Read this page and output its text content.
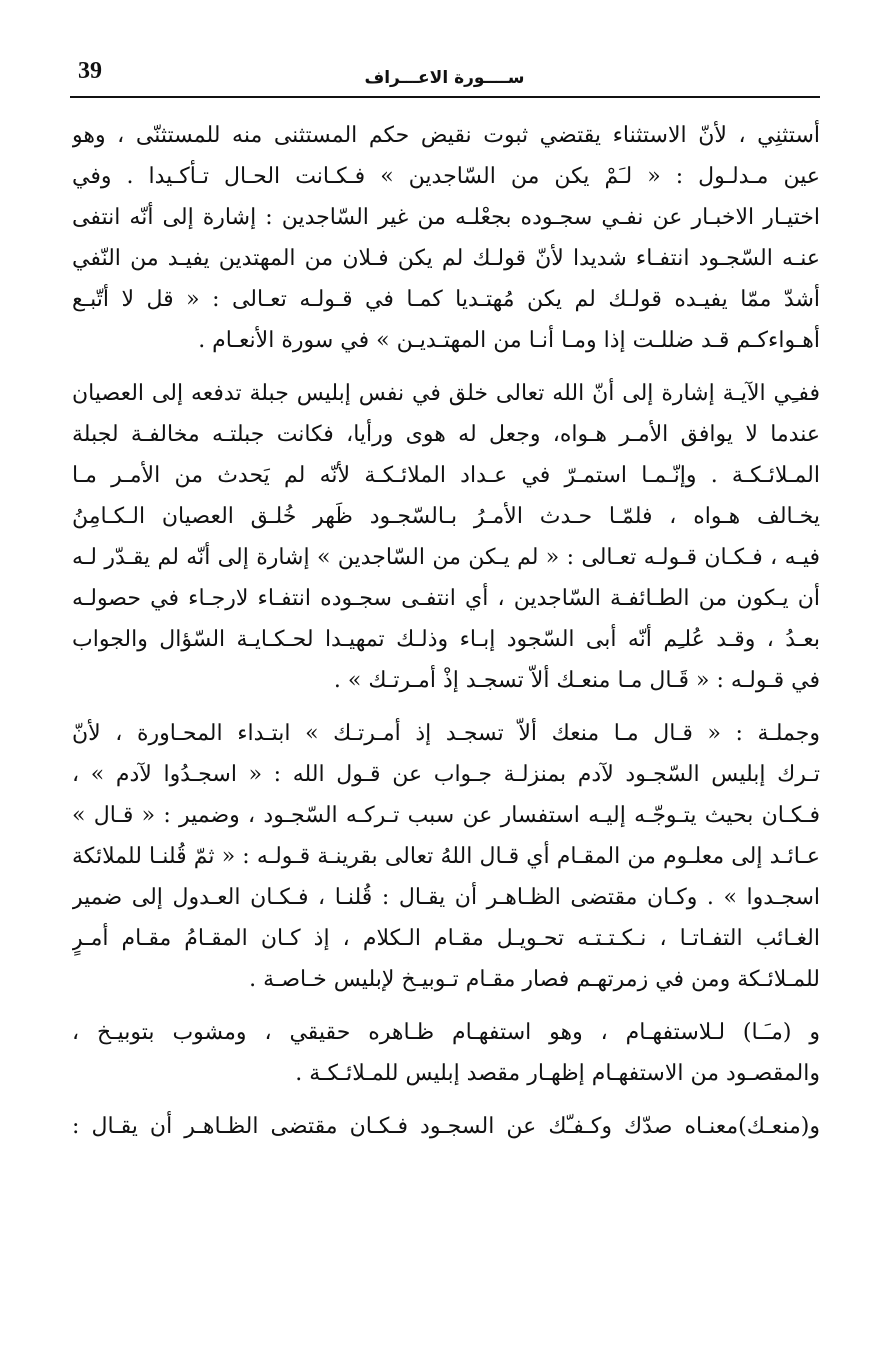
39	ســــورة الاعـــراف
أستثنِي ، لأنّ الاستثناء يقتضي ثبوت نقيض حكم المستثنى منه للمستثنّى ، وهو
عين مـدلـول : « لـَمْ يكن من السّاجدين » فـكـانت الحـال تـأكـيدا . وفي
اختيـار الاخبـار عن نفـي سجـوده بجعْلـه من غير السّاجدين : إشارة إلى أنّه انتفى
عنـه السّجـود انتفـاء شديدا لأنّ قولـك لم يكن فـلان من المهتدين يفيـد من النّفي
أشدّ ممّا يفيـده قولـك لم يكن مُهتـديا كمـا في قـولـه تعـالى : « قل لا أتّبـع
أهـواءكـم قـد ضللـت إذا ومـا أنـا من المهتـديـن » في سورة الأنعـام .
ففـِي الآيـة إشارة إلى أنّ الله تعالى خلق في نفس إبليس جبلة تدفعه إلى العصيان
عندما لا يوافق الأمـر هـواه، وجعل له هوى ورأيا، فكانت جبلتـه مخالفـة لجبلة
المـلائـكـة . وإنّـمـا استمـرّ في عـداد الملائـكـة لأنّه لم يَحدث من الأمـر مـا
يخـالف هـواه ، فلمّـا حـدث الأمـرُ بـالسّجـود ظَهر خُلـق العصيان الـكـامِنُ
فيـه ، فـكـان قـولـه تعـالى : « لم يـكن من السّاجدين » إشارة إلى أنّه لم يقـدّر لـه
أن يـكون من الطـائفـة السّاجدين ، أي انتفـى سجـوده انتفـاء لارجـاء في حصولـه
بعـدُ ، وقـد عُلـِم أنّه أبى السّجود إبـاء وذلـك تمهيـدا لحـكـايـة السّؤال والجواب
في قـولـه : « قَـال مـا منعـك ألاّ تسجـد إذْ أمـرتـك » .
وجملـة : « قـال مـا منعك ألاّ تسجـد إذ أمـرتـك » ابتـداء المحـاورة ، لأنّ
تـرك إبليس السّجـود لآدم بمنزلـة جـواب عن قـول الله : « اسجـدُوا لآدم » ،
فـكـان بحيث يتـوجّـه إليـه استفسار عن سبب تـركـه السّجـود ، وضمير : « قـال »
عـائـد إلى معلـوم من المقـام أي قـال اللهُ تعالى بقرينـة قـولـه : « ثمّ قُلنـا للملائكة
اسجـدوا » . وكـان مقتضى الظـاهـر أن يقـال : قُلنـا ، فـكـان العـدول إلى ضمير
الغـائب التفـاتـا ، نـكـتـتـه تحـويـل مقـام الـكلام ، إذ كـان المقـامُ مقـام أمـرٍ
للمـلائـكة ومن في زمرتهـم فصار مقـام تـوبيـخ لإبليس خـاصـة .
و (مـَـا) لـلاستفهـام ، وهو استفهـام ظـاهره حقيقي ، ومشوب بتوبيـخ ،
والمقصـود من الاستفهـام إظهـار مقصد إبليس للمـلائـكـة .
و(منعـك)معنـاه صدّك وكـفـّك عن السجـود فـكـان مقتضى الظـاهـر أن يقـال :
